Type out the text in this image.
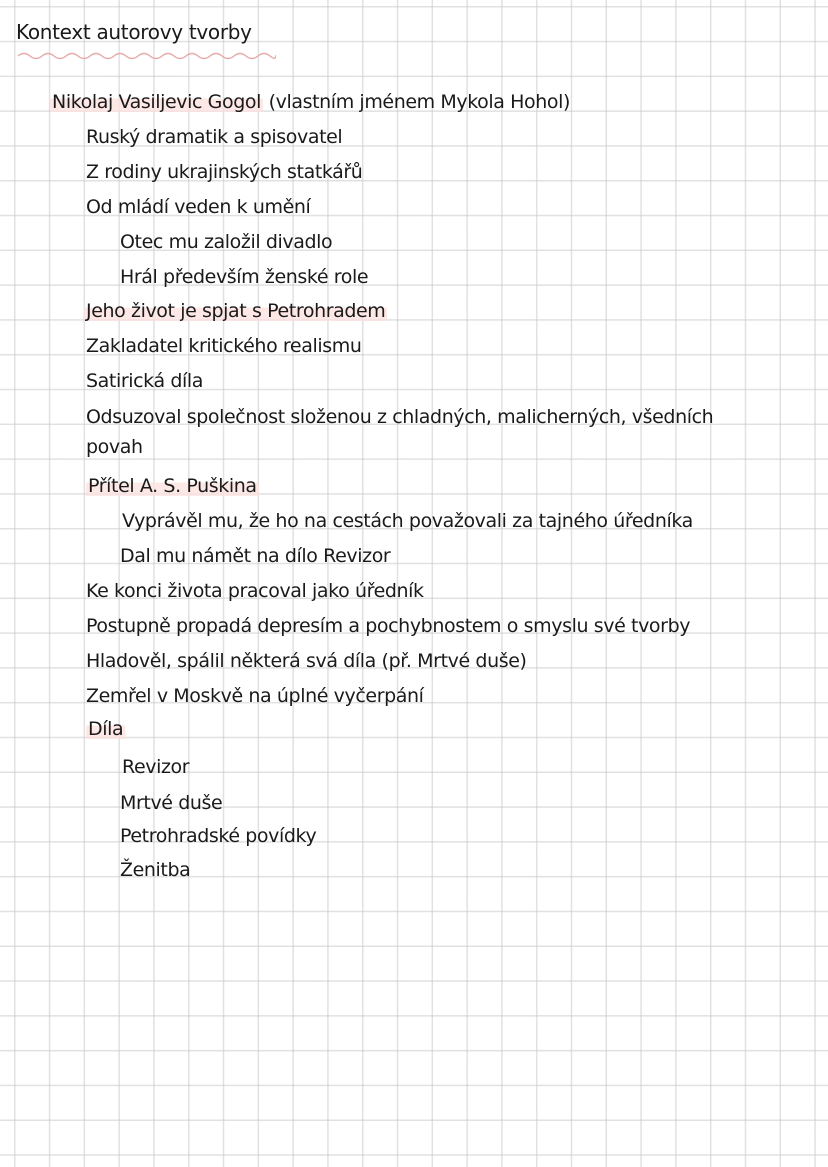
Kontext autorovy tvorby
Nikolaj Vasiljevic Gogol (vlastním jménem Mykola Hohol)
Ruský dramatik a spisovatel
Z rodiny ukrajinských statkářů
Od mládí veden k umění
Otec mu založil divadlo
Hrál především ženské role
Jeho život je spjat s Petrohradem
Zakladatel kritického realismu
Satirická díla
Odsuzoval společnost složenou z chladných, malicherných, všedních
povah
Přítel A. S. Puškina
Vyprávěl mu, že ho na cestách považovali za tajného úředníka
Dal mu námět na dílo Revizor
Ke konci života pracoval jako úředník
Postupně propadá depresím a pochybnostem o smyslu své tvorby
Hladověl, spálil některá svá díla (př. Mrtvé duše)
Zemřel v Moskvě na úplné vyčerpání
Díla
Revizor
Mrtvé duše
Petrohradské povídky
Ženitba
